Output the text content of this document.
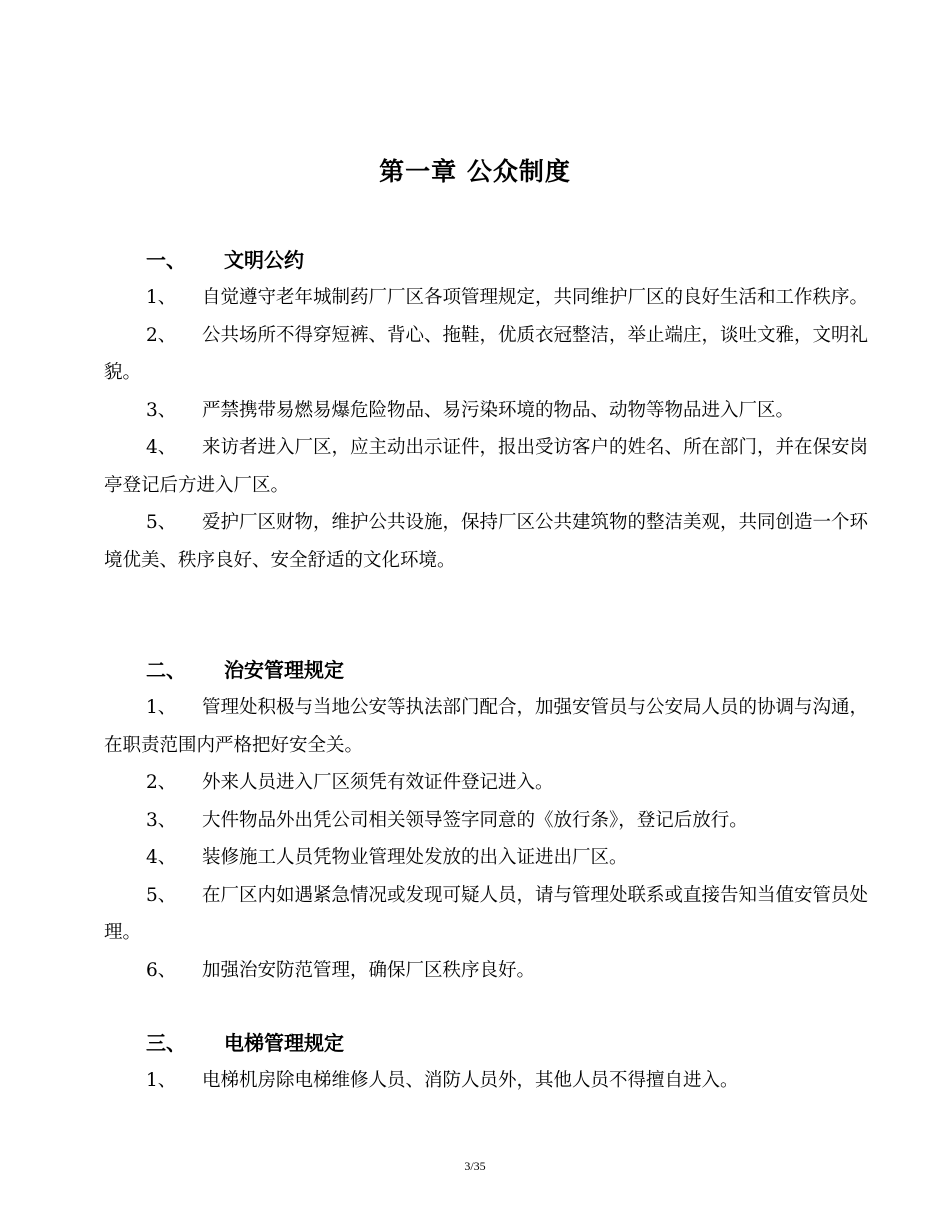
第一章 公众制度
一、 文明公约
1、 自觉遵守老年城制药厂厂区各项管理规定，共同维护厂区的良好生活和工作秩序。
2、 公共场所不得穿短裤、背心、拖鞋，优质衣冠整洁，举止端庄，谈吐文雅，文明礼貌。
3、 严禁携带易燃易爆危险物品、易污染环境的物品、动物等物品进入厂区。
4、 来访者进入厂区，应主动出示证件，报出受访客户的姓名、所在部门，并在保安岗亭登记后方进入厂区。
5、 爱护厂区财物，维护公共设施，保持厂区公共建筑物的整洁美观，共同创造一个环境优美、秩序良好、安全舒适的文化环境。
二、 治安管理规定
1、 管理处积极与当地公安等执法部门配合，加强安管员与公安局人员的协调与沟通，在职责范围内严格把好安全关。
2、 外来人员进入厂区须凭有效证件登记进入。
3、 大件物品外出凭公司相关领导签字同意的《放行条》，登记后放行。
4、 装修施工人员凭物业管理处发放的出入证进出厂区。
5、 在厂区内如遇紧急情况或发现可疑人员，请与管理处联系或直接告知当值安管员处理。
6、 加强治安防范管理，确保厂区秩序良好。
三、 电梯管理规定
1、 电梯机房除电梯维修人员、消防人员外，其他人员不得擅自进入。
3/35
